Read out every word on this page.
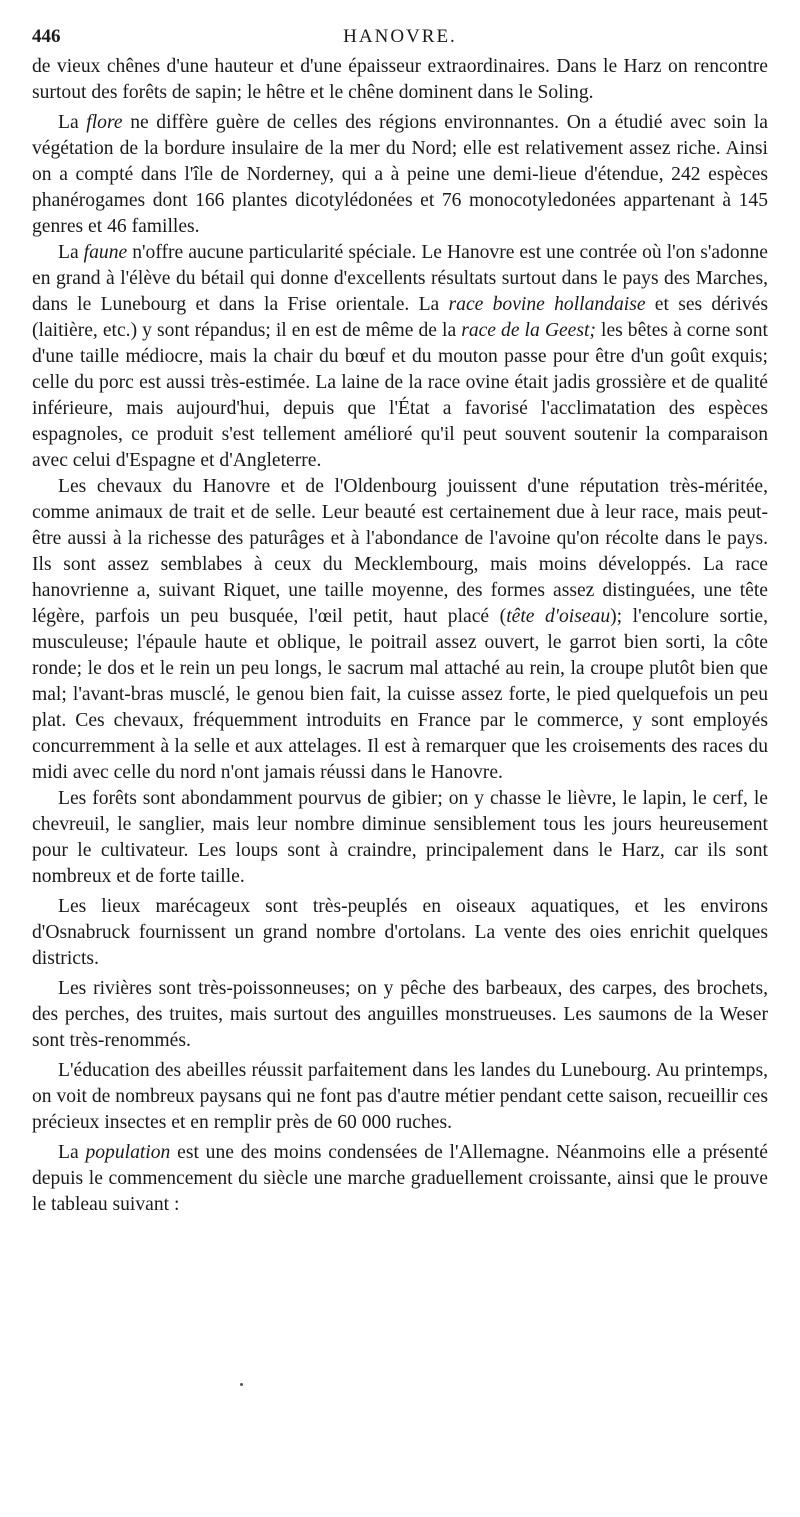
446	HANOVRE.

de vieux chênes d'une hauteur et d'une épaisseur extraordinaires. Dans le Harz on rencontre surtout des forêts de sapin; le hêtre et le chêne dominent dans le Soling.

La flore ne diffère guère de celles des régions environnantes. On a étudié avec soin la végétation de la bordure insulaire de la mer du Nord; elle est relativement assez riche. Ainsi on a compté dans l'île de Norderney, qui a à peine une demi-lieue d'étendue, 242 espèces phanérogames dont 166 plantes dicotylédonées et 76 monocotyledonées appartenant à 145 genres et 46 familles.

La faune n'offre aucune particularité spéciale. Le Hanovre est une contrée où l'on s'adonne en grand à l'élève du bétail qui donne d'excellents résultats surtout dans le pays des Marches, dans le Lunebourg et dans la Frise orientale. La race bovine hollandaise et ses dérivés (laitière, etc.) y sont répandus; il en est de même de la race de la Geest; les bêtes à corne sont d'une taille médiocre, mais la chair du bœuf et du mouton passe pour être d'un goût exquis; celle du porc est aussi très-estimée. La laine de la race ovine était jadis grossière et de qualité inférieure, mais aujourd'hui, depuis que l'État a favorisé l'acclimatation des espèces espagnoles, ce produit s'est tellement amélioré qu'il peut souvent soutenir la comparaison avec celui d'Espagne et d'Angleterre.

Les chevaux du Hanovre et de l'Oldenbourg jouissent d'une réputation très-méritée, comme animaux de trait et de selle. Leur beauté est certainement due à leur race, mais peut-être aussi à la richesse des paturâges et à l'abondance de l'avoine qu'on récolte dans le pays. Ils sont assez semblabes à ceux du Mecklembourg, mais moins développés. La race hanovrienne a, suivant Riquet, une taille moyenne, des formes assez distinguées, une tête légère, parfois un peu busquée, l'œil petit, haut placé (tête d'oiseau); l'encolure sortie, musculeuse; l'épaule haute et oblique, le poitrail assez ouvert, le garrot bien sorti, la côte ronde; le dos et le rein un peu longs, le sacrum mal attaché au rein, la croupe plutôt bien que mal; l'avant-bras musclé, le genou bien fait, la cuisse assez forte, le pied quelquefois un peu plat. Ces chevaux, fréquemment introduits en France par le commerce, y sont employés concurremment à la selle et aux attelages. Il est à remarquer que les croisements des races du midi avec celle du nord n'ont jamais réussi dans le Hanovre.

Les forêts sont abondamment pourvus de gibier; on y chasse le lièvre, le lapin, le cerf, le chevreuil, le sanglier, mais leur nombre diminue sensiblement tous les jours heureusement pour le cultivateur. Les loups sont à craindre, principalement dans le Harz, car ils sont nombreux et de forte taille.

Les lieux marécageux sont très-peuplés en oiseaux aquatiques, et les environs d'Osnabruck fournissent un grand nombre d'ortolans. La vente des oies enrichit quelques districts.

Les rivières sont très-poissonneuses; on y pêche des barbeaux, des carpes, des brochets, des perches, des truites, mais surtout des anguilles monstrueuses. Les saumons de la Weser sont très-renommés.

L'éducation des abeilles réussit parfaitement dans les landes du Lunebourg. Au printemps, on voit de nombreux paysans qui ne font pas d'autre métier pendant cette saison, recueillir ces précieux insectes et en remplir près de 60 000 ruches.

La population est une des moins condensées de l'Allemagne. Néanmoins elle a présenté depuis le commencement du siècle une marche graduellement croissante, ainsi que le prouve le tableau suivant :
